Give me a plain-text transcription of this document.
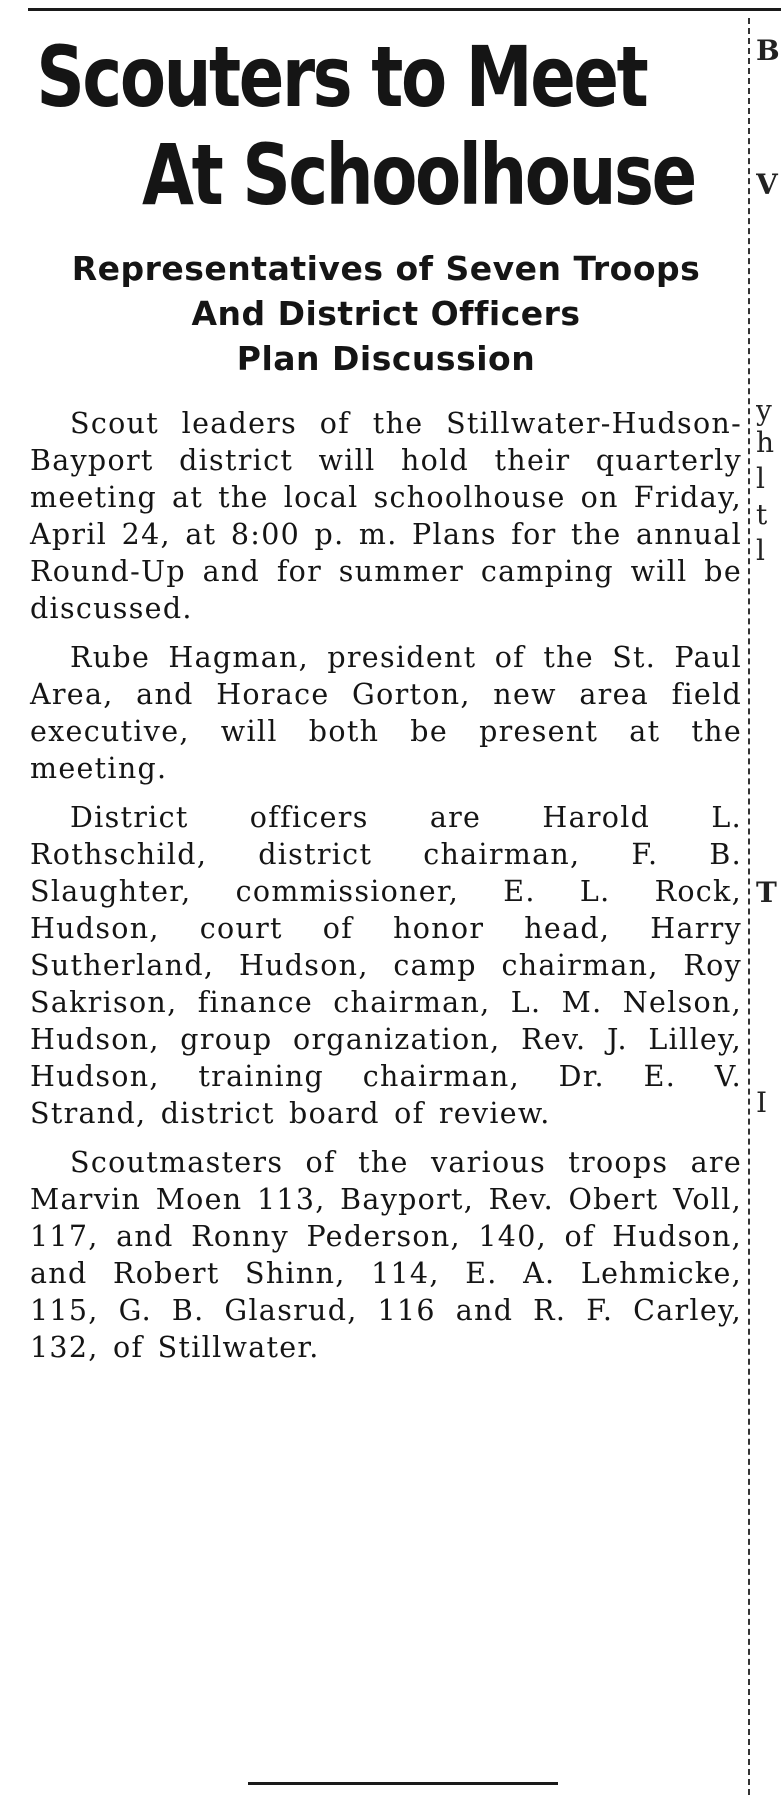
Scouters to Meet
At Schoolhouse
Representatives of Seven Troops
And District Officers
Plan Discussion

Scout leaders of the Stillwater-Hudson-Bayport district will hold their quarterly meeting at the local schoolhouse on Friday, April 24, at 8:00 p. m. Plans for the annual Round-Up and for summer camping will be discussed.

Rube Hagman, president of the St. Paul Area, and Horace Gorton, new area field executive, will both be present at the meeting.

District officers are Harold L. Rothschild, district chairman, F. B. Slaughter, commissioner, E. L. Rock, Hudson, court of honor head, Harry Sutherland, Hudson, camp chairman, Roy Sakrison, finance chairman, L. M. Nelson, Hudson, group organization, Rev. J. Lilley, Hudson, training chairman, Dr. E. V. Strand, district board of review.

Scoutmasters of the various troops are Marvin Moen 113, Bayport, Rev. Obert Voll, 117, and Ronny Pederson, 140, of Hudson, and Robert Shinn, 114, E. A. Lehmicke, 115, G. B. Glasrud, 116 and R. F. Carley, 132, of Stillwater.

B
V
y
h
l
t
l
T
I
